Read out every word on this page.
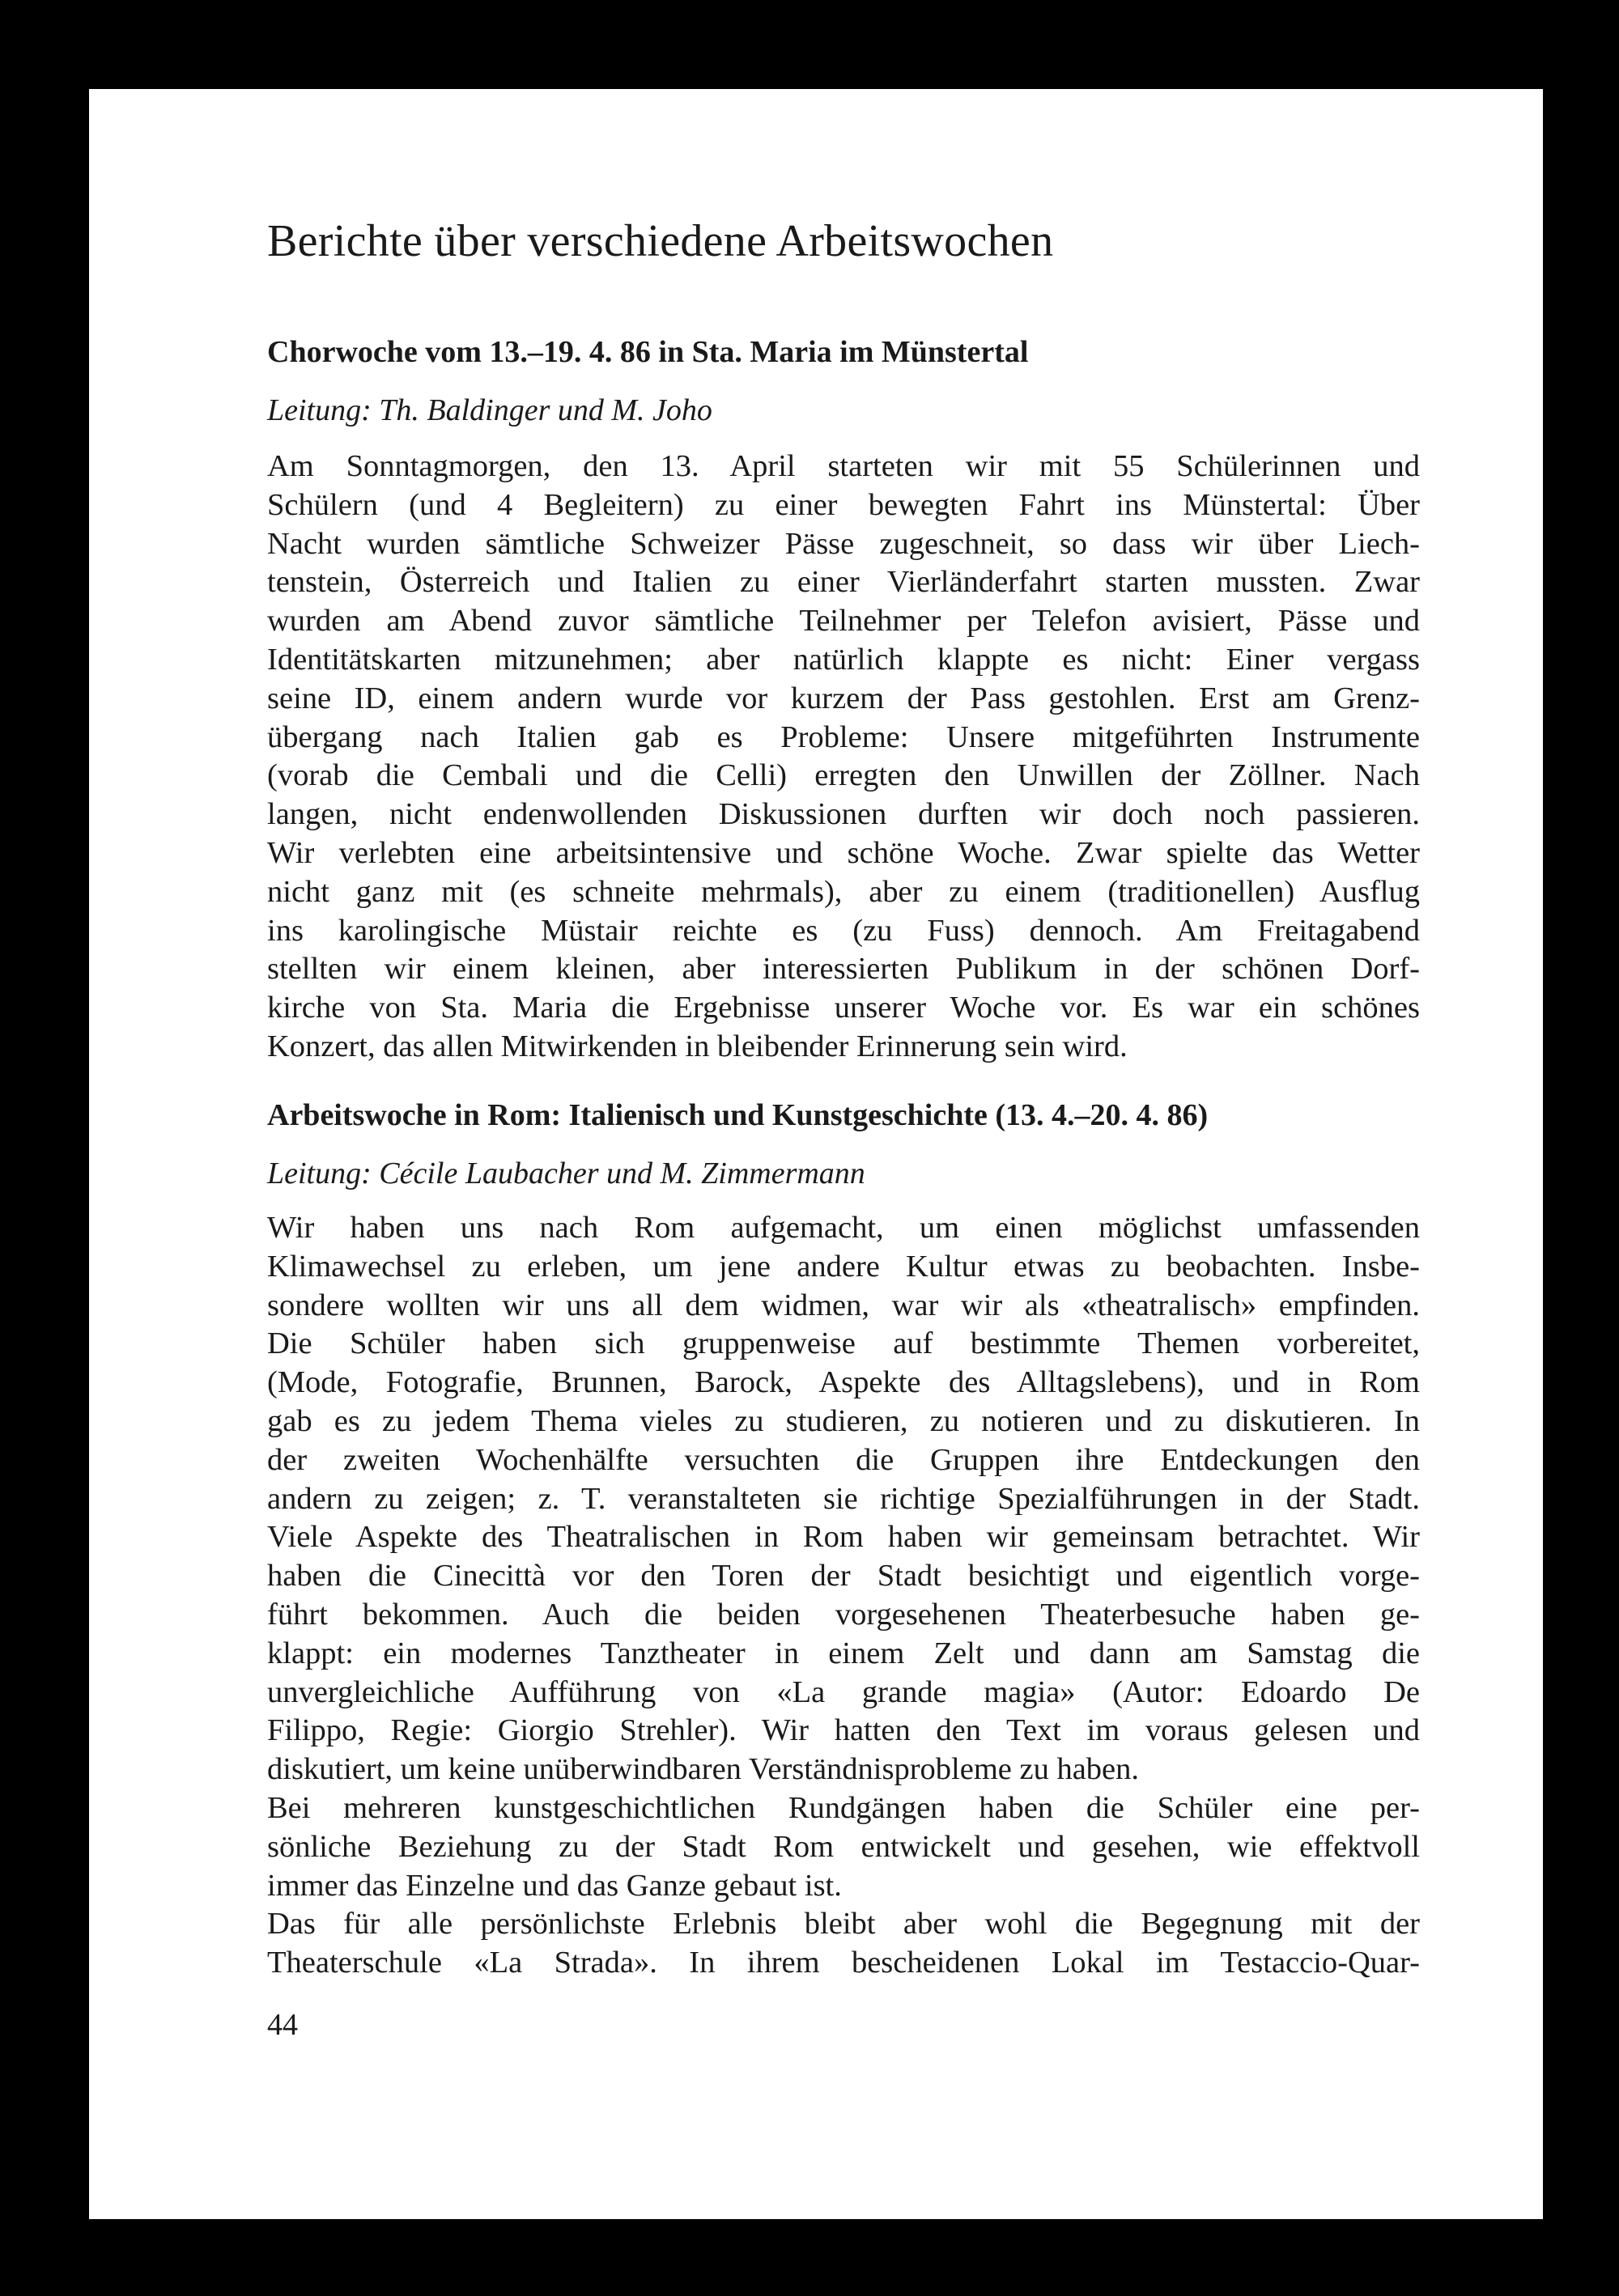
Berichte über verschiedene Arbeitswochen
Chorwoche vom 13.–19. 4. 86 in Sta. Maria im Münstertal

Leitung: Th. Baldinger und M. Joho

Am Sonntagmorgen, den 13. April starteten wir mit 55 Schülerinnen und
Schülern (und 4 Begleitern) zu einer bewegten Fahrt ins Münstertal: Über
Nacht wurden sämtliche Schweizer Pässe zugeschneit, so dass wir über Liech-
tenstein, Österreich und Italien zu einer Vierländerfahrt starten mussten. Zwar
wurden am Abend zuvor sämtliche Teilnehmer per Telefon avisiert, Pässe und
Identitätskarten mitzunehmen; aber natürlich klappte es nicht: Einer vergass
seine ID, einem andern wurde vor kurzem der Pass gestohlen. Erst am Grenz-
übergang nach Italien gab es Probleme: Unsere mitgeführten Instrumente
(vorab die Cembali und die Celli) erregten den Unwillen der Zöllner. Nach
langen, nicht endenwollenden Diskussionen durften wir doch noch passieren.
Wir verlebten eine arbeitsintensive und schöne Woche. Zwar spielte das Wetter
nicht ganz mit (es schneite mehrmals), aber zu einem (traditionellen) Ausflug
ins karolingische Müstair reichte es (zu Fuss) dennoch. Am Freitagabend
stellten wir einem kleinen, aber interessierten Publikum in der schönen Dorf-
kirche von Sta. Maria die Ergebnisse unserer Woche vor. Es war ein schönes
Konzert, das allen Mitwirkenden in bleibender Erinnerung sein wird.
Arbeitswoche in Rom: Italienisch und Kunstgeschichte (13. 4.–20. 4. 86)

Leitung: Cécile Laubacher und M. Zimmermann

Wir haben uns nach Rom aufgemacht, um einen möglichst umfassenden
Klimawechsel zu erleben, um jene andere Kultur etwas zu beobachten. Insbe-
sondere wollten wir uns all dem widmen, war wir als «theatralisch» empfinden.
Die Schüler haben sich gruppenweise auf bestimmte Themen vorbereitet,
(Mode, Fotografie, Brunnen, Barock, Aspekte des Alltagslebens), und in Rom
gab es zu jedem Thema vieles zu studieren, zu notieren und zu diskutieren. In
der zweiten Wochenhälfte versuchten die Gruppen ihre Entdeckungen den
andern zu zeigen; z. T. veranstalteten sie richtige Spezialführungen in der Stadt.
Viele Aspekte des Theatralischen in Rom haben wir gemeinsam betrachtet. Wir
haben die Cinecittà vor den Toren der Stadt besichtigt und eigentlich vorge-
führt bekommen. Auch die beiden vorgesehenen Theaterbesuche haben ge-
klappt: ein modernes Tanztheater in einem Zelt und dann am Samstag die
unvergleichliche Aufführung von «La grande magia» (Autor: Edoardo De
Filippo, Regie: Giorgio Strehler). Wir hatten den Text im voraus gelesen und
diskutiert, um keine unüberwindbaren Verständnisprobleme zu haben.
Bei mehreren kunstgeschichtlichen Rundgängen haben die Schüler eine per-
sönliche Beziehung zu der Stadt Rom entwickelt und gesehen, wie effektvoll
immer das Einzelne und das Ganze gebaut ist.
Das für alle persönlichste Erlebnis bleibt aber wohl die Begegnung mit der
Theaterschule «La Strada». In ihrem bescheidenen Lokal im Testaccio-Quar-

44
